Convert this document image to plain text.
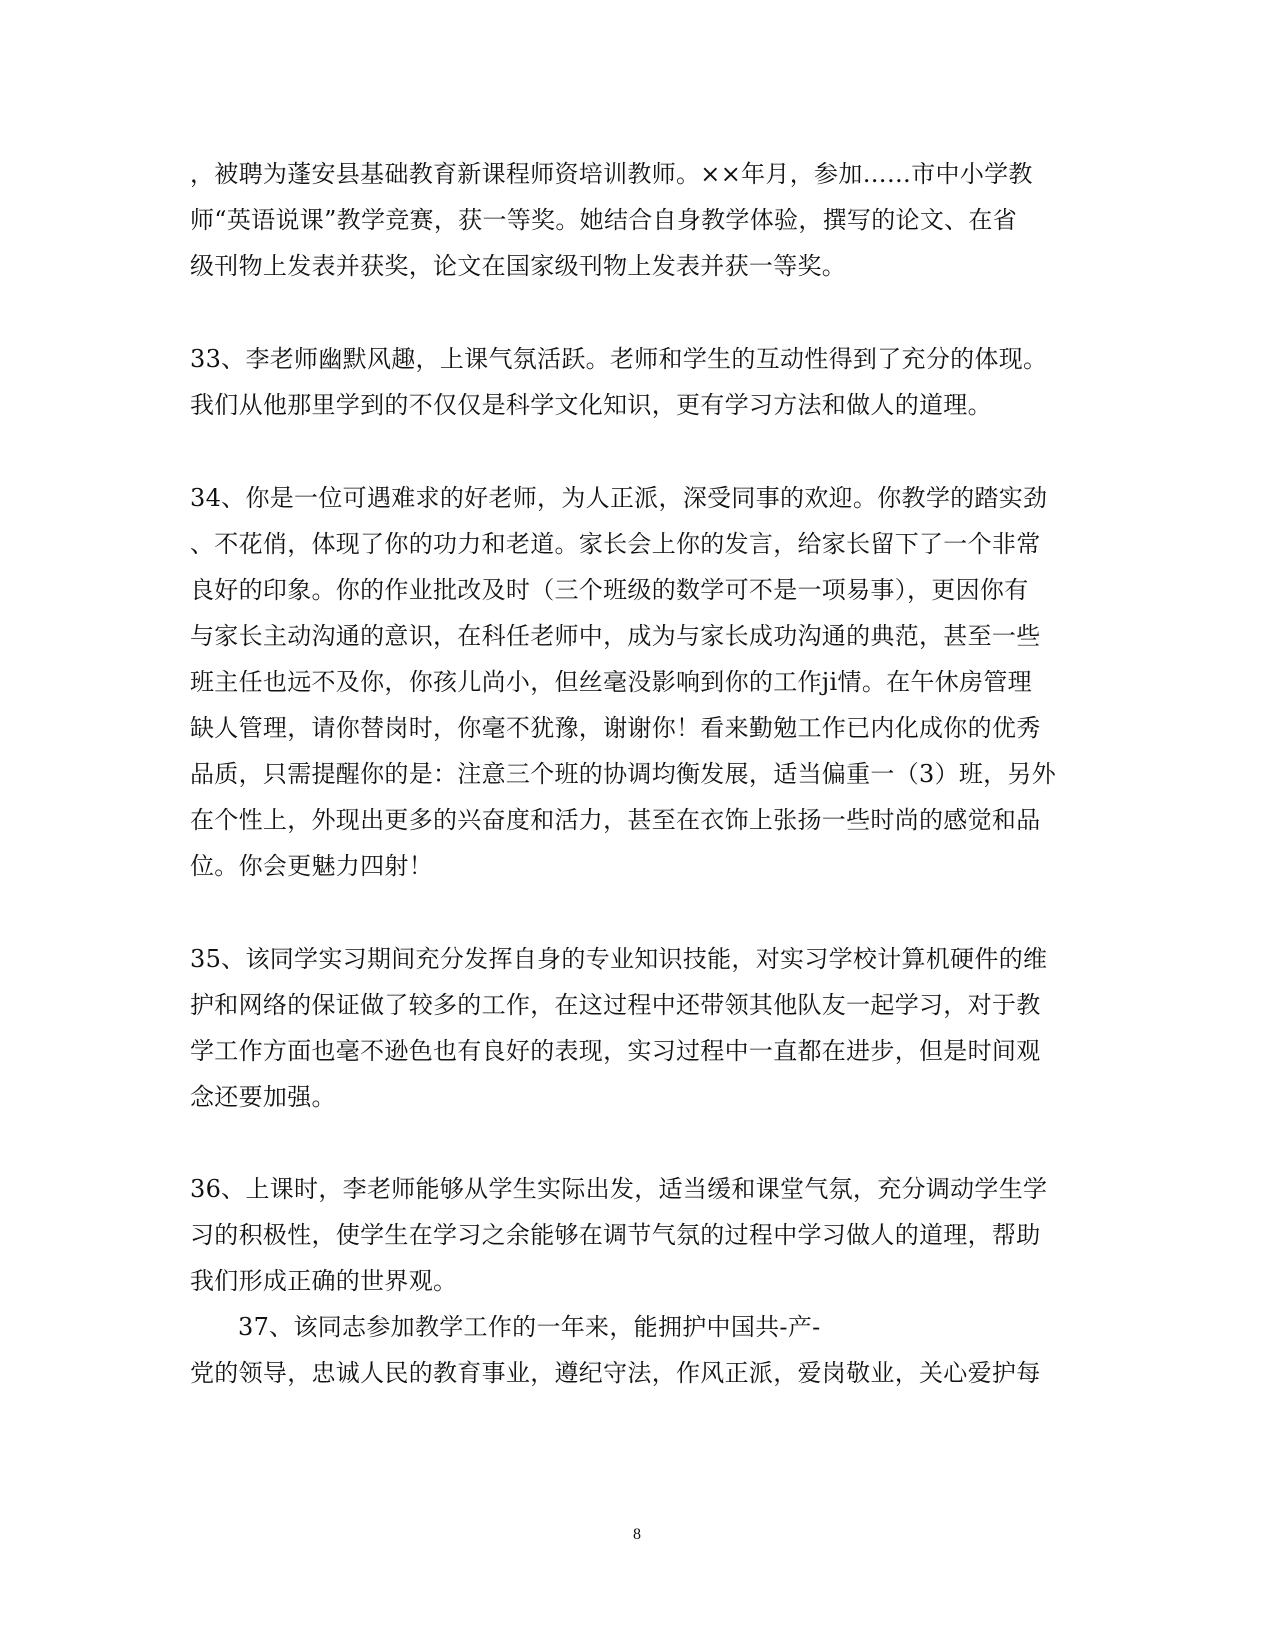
，被聘为蓬安县基础教育新课程师资培训教师。××年月，参加……市中小学教
师“英语说课”教学竞赛，获一等奖。她结合自身教学体验，撰写的论文、在省
级刊物上发表并获奖，论文在国家级刊物上发表并获一等奖。
33、李老师幽默风趣，上课气氛活跃。老师和学生的互动性得到了充分的体现。
我们从他那里学到的不仅仅是科学文化知识，更有学习方法和做人的道理。
34、你是一位可遇难求的好老师，为人正派，深受同事的欢迎。你教学的踏实劲
、不花俏，体现了你的功力和老道。家长会上你的发言，给家长留下了一个非常
良好的印象。你的作业批改及时（三个班级的数学可不是一项易事），更因你有
与家长主动沟通的意识，在科任老师中，成为与家长成功沟通的典范，甚至一些
班主任也远不及你，你孩儿尚小，但丝毫没影响到你的工作ji情。在午休房管理
缺人管理，请你替岗时，你毫不犹豫，谢谢你！看来勤勉工作已内化成你的优秀
品质，只需提醒你的是：注意三个班的协调均衡发展，适当偏重一（3）班，另外
在个性上，外现出更多的兴奋度和活力，甚至在衣饰上张扬一些时尚的感觉和品
位。你会更魅力四射！
35、该同学实习期间充分发挥自身的专业知识技能，对实习学校计算机硬件的维
护和网络的保证做了较多的工作，在这过程中还带领其他队友一起学习，对于教
学工作方面也毫不逊色也有良好的表现，实习过程中一直都在进步，但是时间观
念还要加强。
36、上课时，李老师能够从学生实际出发，适当缓和课堂气氛，充分调动学生学
习的积极性，使学生在学习之余能够在调节气氛的过程中学习做人的道理，帮助
我们形成正确的世界观。
37、该同志参加教学工作的一年来，能拥护中国共-产-
党的领导，忠诚人民的教育事业，遵纪守法，作风正派，爱岗敬业，关心爱护每
8
